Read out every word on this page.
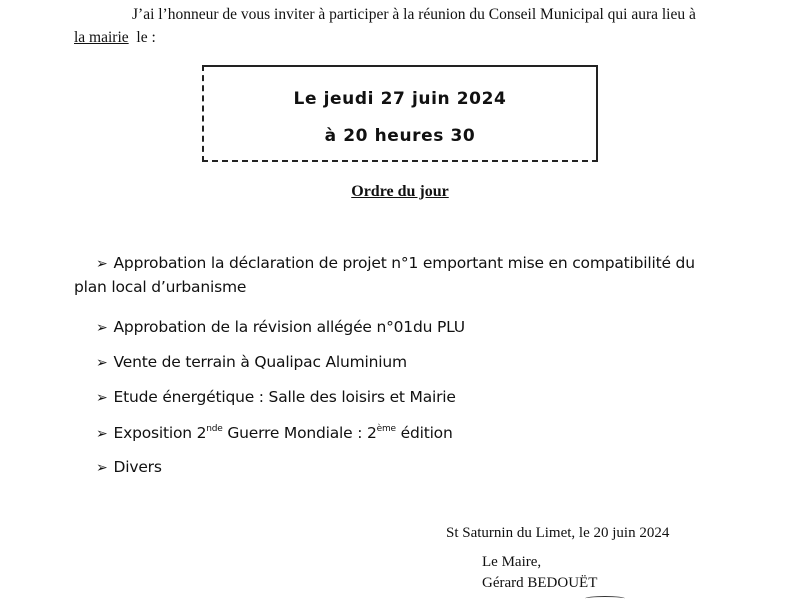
J’ai l’honneur de vous inviter à participer à la réunion du Conseil Municipal qui aura lieu à
la mairie  le :
Le jeudi 27 juin 2024
à 20 heures 30
Ordre du jour
➢ Approbation la déclaration de projet n°1 emportant mise en compatibilité du
plan local d’urbanisme
➢ Approbation de la révision allégée n°01du PLU
➢ Vente de terrain à Qualipac Aluminium
➢ Etude énergétique : Salle des loisirs et Mairie
➢ Exposition 2nde Guerre Mondiale : 2ème édition
➢ Divers
St Saturnin du Limet, le 20 juin 2024
Le Maire,
Gérard BEDOUËT
